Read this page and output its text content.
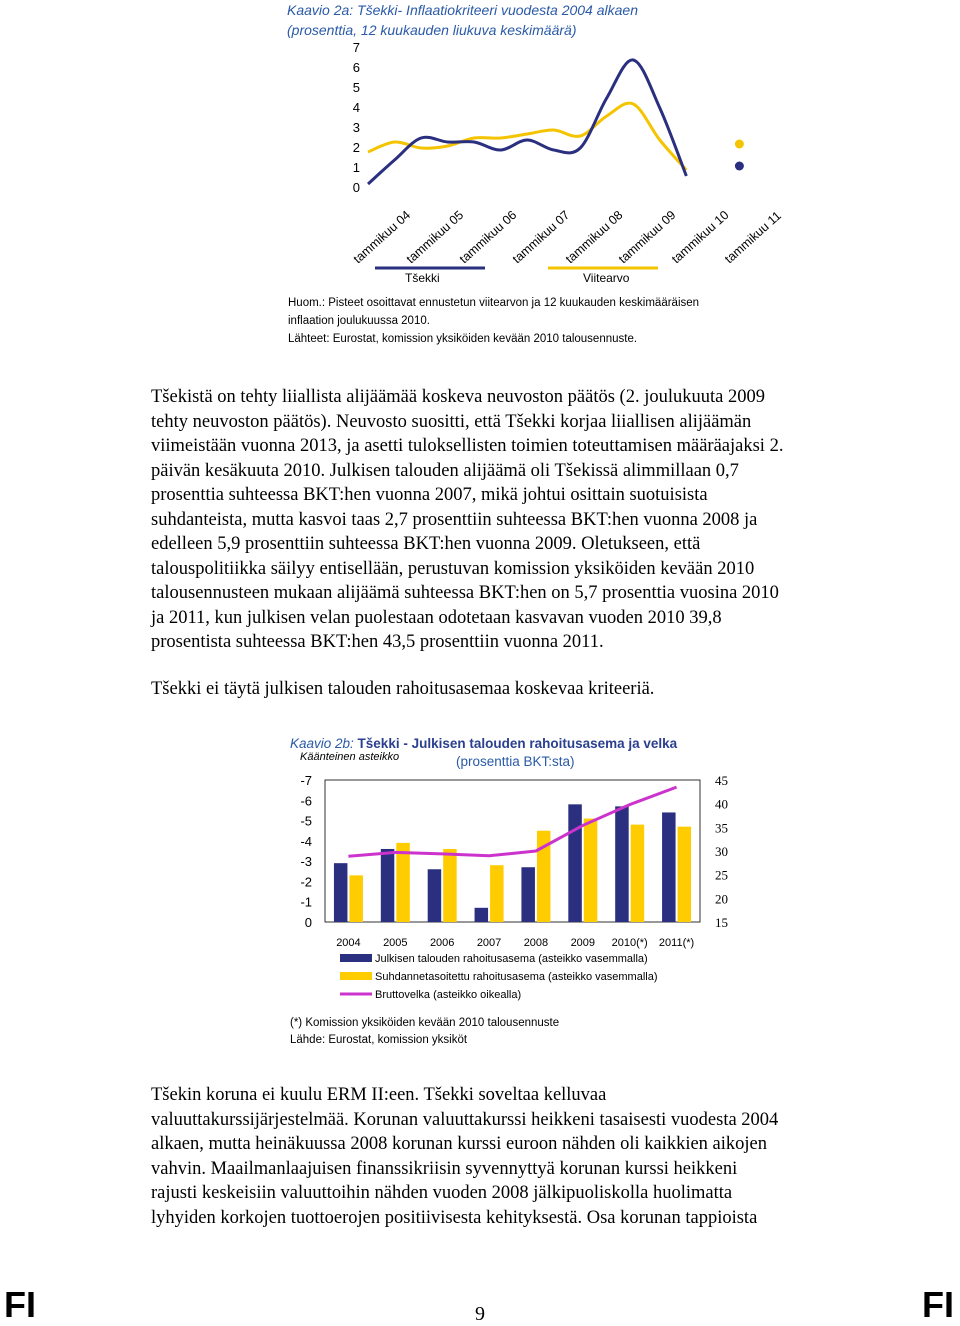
Kaavio 2a: Tšekki- Inflaatiokriteeri vuodesta 2004 alkaen
(prosenttia, 12 kuukauden liukuva keskimäärä)
0
1
2
3
4
5
6
7
tammikuu 04
tammikuu 05
tammikuu 06
tammikuu 07
tammikuu 08
tammikuu 09
tammikuu 10
tammikuu 11
Tšekki	Viitearvo
Huom.: Pisteet osoittavat ennustetun viitearvon ja 12 kuukauden keskimääräisen
inflaation joulukuussa 2010.
Lähteet: Eurostat, komission yksiköiden kevään 2010 talousennuste.
Tšekistä on tehty liiallista alijäämää koskeva neuvoston päätös (2. joulukuuta 2009
tehty neuvoston päätös). Neuvosto suositti, että Tšekki korjaa liiallisen alijäämän
viimeistään vuonna 2013, ja asetti tuloksellisten toimien toteuttamisen määräajaksi 2.
päivän kesäkuuta 2010. Julkisen talouden alijäämä oli Tšekissä alimmillaan 0,7
prosenttia suhteessa BKT:hen vuonna 2007, mikä johtui osittain suotuisista
suhdanteista, mutta kasvoi taas 2,7 prosenttiin suhteessa BKT:hen vuonna 2008 ja
edelleen 5,9 prosenttiin suhteessa BKT:hen vuonna 2009. Oletukseen, että
talouspolitiikka säilyy entisellään, perustuvan komission yksiköiden kevään 2010
talousennusteen mukaan alijäämä suhteessa BKT:hen on 5,7 prosenttia vuosina 2010
ja 2011, kun julkisen velan puolestaan odotetaan kasvavan vuoden 2010 39,8
prosentista suhteessa BKT:hen 43,5 prosenttiin vuonna 2011.
Tšekki ei täytä julkisen talouden rahoitusasemaa koskevaa kriteeriä.
Kaavio 2b: Tšekki - Julkisen talouden rahoitusasema ja velka
Käänteinen asteikko	(prosenttia BKT:sta)
-7
-6
-5
-4
-3
-2
-1
0
45
40
35
30
25
20
15
2004 2005 2006 2007 2008 2009 2010(*) 2011(*)
Julkisen talouden rahoitusasema (asteikko vasemmalla)
Suhdannetasoitettu rahoitusasema (asteikko vasemmalla)
Bruttovelka (asteikko oikealla)
(*) Komission yksiköiden kevään 2010 talousennuste
Lähde: Eurostat, komission yksiköt
Tšekin koruna ei kuulu ERM II:een. Tšekki soveltaa kelluvaa
valuuttakurssijärjestelmää. Korunan valuuttakurssi heikkeni tasaisesti vuodesta 2004
alkaen, mutta heinäkuussa 2008 korunan kurssi euroon nähden oli kaikkien aikojen
vahvin. Maailmanlaajuisen finanssikriisin syvennyttyä korunan kurssi heikkeni
rajusti keskeisiin valuuttoihin nähden vuoden 2008 jälkipuoliskolla huolimatta
lyhyiden korkojen tuottoerojen positiivisesta kehityksestä. Osa korunan tappioista
FI	9	FI
